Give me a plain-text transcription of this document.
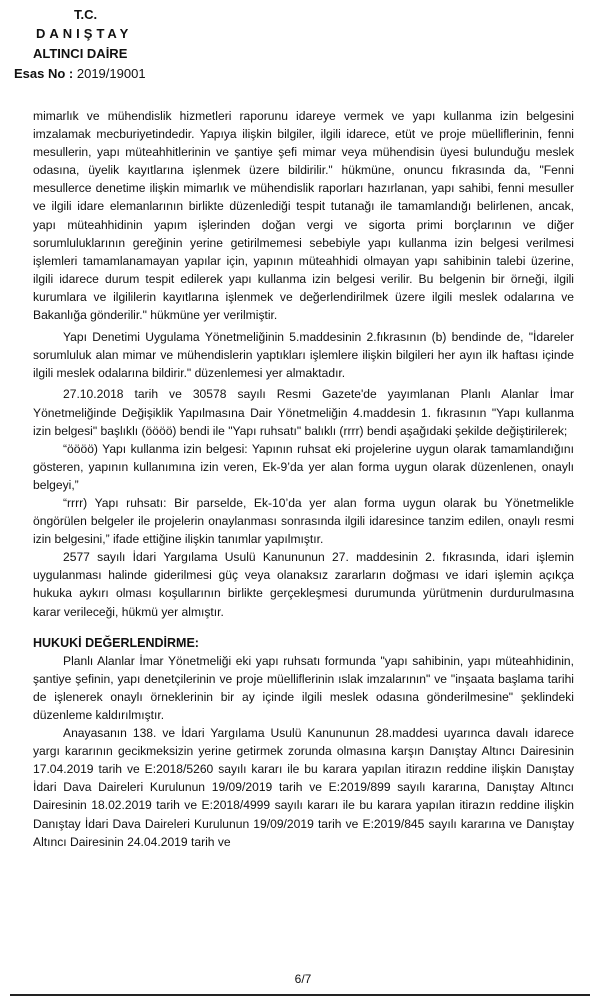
T.C.
DANIŞTAY
ALTINCI DAİRE
Esas No : 2019/19001

mimarlık ve mühendislik hizmetleri raporunu idareye vermek ve yapı kullanma izin belgesini imzalamak mecburiyetindedir. Yapıya ilişkin bilgiler, ilgili idarece, etüt ve proje müelliflerinin, fenni mesullerin, yapı müteahhitlerinin ve şantiye şefi mimar veya mühendisin üyesi bulunduğu meslek odasına, üyelik kayıtlarına işlenmek üzere bildirilir." hükmüne, onuncu fıkrasında da, "Fenni mesullerce denetime ilişkin mimarlık ve mühendislik raporları hazırlanan, yapı sahibi, fenni mesuller ve ilgili idare elemanlarının birlikte düzenlediği tespit tutanağı ile tamamlandığı belirlenen, ancak, yapı müteahhidinin yapım işlerinden doğan vergi ve sigorta primi borçlarının ve diğer sorumluluklarının gereğinin yerine getirilmemesi sebebiyle yapı kullanma izin belgesi verilmesi işlemleri tamamlanamayan yapılar için, yapının müteahhidi olmayan yapı sahibinin talebi üzerine, ilgili idarece durum tespit edilerek yapı kullanma izin belgesi verilir. Bu belgenin bir örneği, ilgili kurumlara ve ilgililerin kayıtlarına işlenmek ve değerlendirilmek üzere ilgili meslek odalarına ve Bakanlığa gönderilir." hükmüne yer verilmiştir.

Yapı Denetimi Uygulama Yönetmeliğinin 5.maddesinin 2.fıkrasının (b) bendinde de, "İdareler sorumluluk alan mimar ve mühendislerin yaptıkları işlemlere ilişkin bilgileri her ayın ilk haftası içinde ilgili meslek odalarına bildirir." düzenlemesi yer almaktadır.

27.10.2018 tarih ve 30578 sayılı Resmi Gazete'de yayımlanan Planlı Alanlar İmar Yönetmeliğinde Değişiklik Yapılmasına Dair Yönetmeliğin 4.maddesin 1. fıkrasının "Yapı kullanma izin belgesi" başlıklı (öööö) bendi ile "Yapı ruhsatı" balıklı (rrrr) bendi aşağıdaki şekilde değiştirilerek;

“öööö) Yapı kullanma izin belgesi: Yapının ruhsat eki projelerine uygun olarak tamamlandığını gösteren, yapının kullanımına izin veren, Ek-9’da yer alan forma uygun olarak düzenlenen, onaylı belgeyi,”

“rrrr) Yapı ruhsatı: Bir parselde, Ek-10’da yer alan forma uygun olarak bu Yönetmelikle öngörülen belgeler ile projelerin onaylanması sonrasında ilgili idaresince tanzim edilen, onaylı resmi izin belgesini,” ifade ettiğine ilişkin tanımlar yapılmıştır.

2577 sayılı İdari Yargılama Usulü Kanununun 27. maddesinin 2. fıkrasında, idari işlemin uygulanması halinde giderilmesi güç veya olanaksız zararların doğması ve idari işlemin açıkça hukuka aykırı olması koşullarının birlikte gerçekleşmesi durumunda yürütmenin durdurulmasına karar verileceği, hükmü yer almıştır.

HUKUKİ DEĞERLENDİRME:

Planlı Alanlar İmar Yönetmeliği eki yapı ruhsatı formunda "yapı sahibinin, yapı müteahhidinin, şantiye şefinin, yapı denetçilerinin ve proje müelliflerinin ıslak imzalarının" ve "inşaata başlama tarihi de işlenerek onaylı örneklerinin bir ay içinde ilgili meslek odasına gönderilmesine" şeklindeki düzenleme kaldırılmıştır.

Anayasanın 138. ve İdari Yargılama Usulü Kanununun 28.maddesi uyarınca davalı idarece yargı kararının gecikmeksizin yerine getirmek zorunda olmasına karşın Danıştay Altıncı Dairesinin 17.04.2019 tarih ve E:2018/5260 sayılı kararı ile bu karara yapılan itirazın reddine ilişkin Danıştay İdari Dava Daireleri Kurulunun 19/09/2019 tarih ve E:2019/899 sayılı kararına, Danıştay Altıncı Dairesinin 18.02.2019 tarih ve E:2018/4999 sayılı kararı ile bu karara yapılan itirazın reddine ilişkin Danıştay İdari Dava Daireleri Kurulunun 19/09/2019 tarih ve E:2019/845 sayılı kararına ve Danıştay Altıncı Dairesinin 24.04.2019 tarih ve

6/7
